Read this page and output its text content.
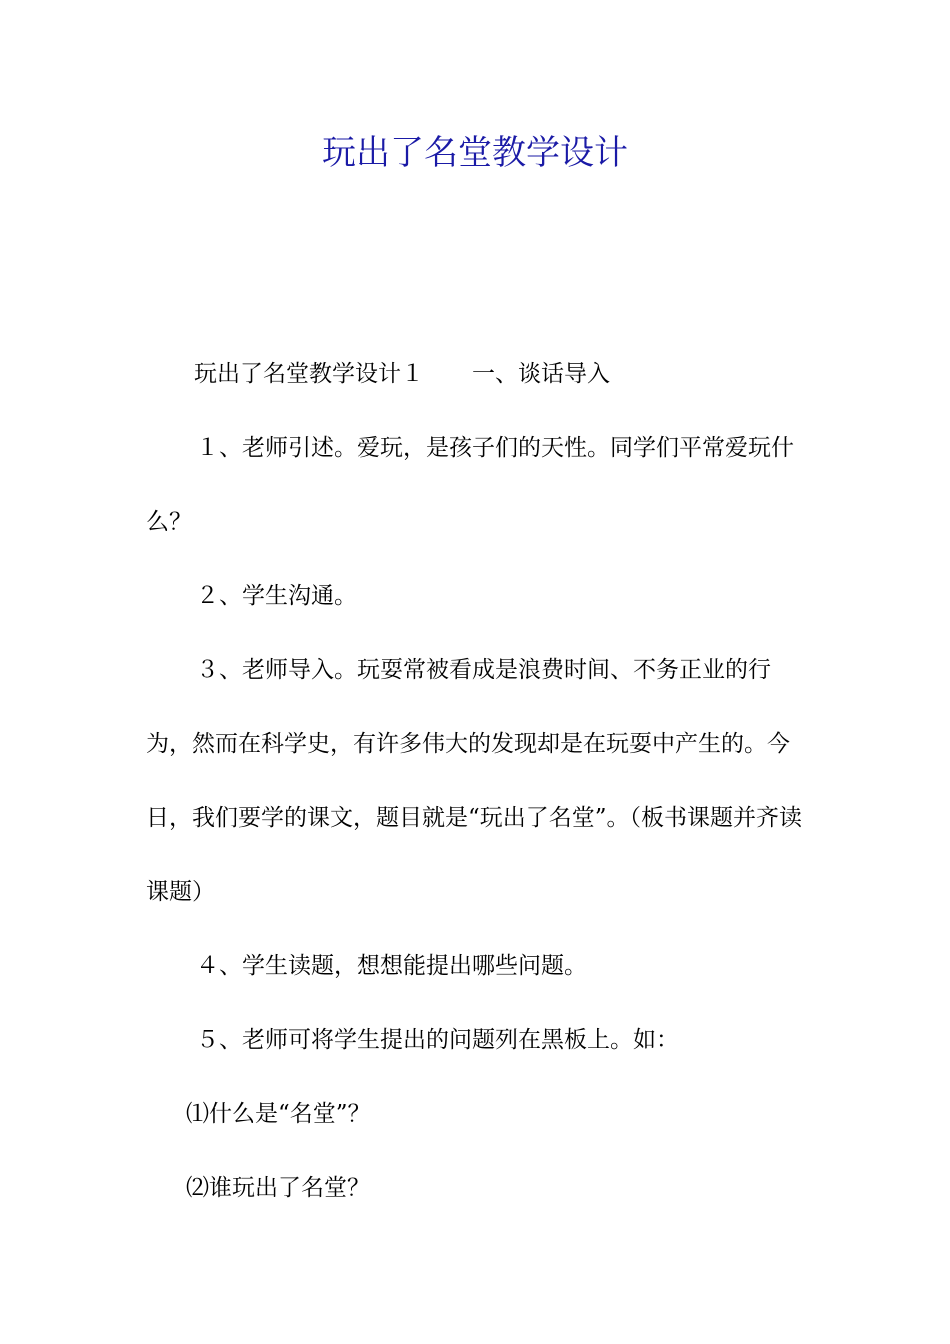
玩出了名堂教学设计

玩出了名堂教学设计１ 一、谈话导入

１、老师引述。爱玩，是孩子们的天性。同学们平常爱玩什么？

２、学生沟通。

３、老师导入。玩耍常被看成是浪费时间、不务正业的行为，然而在科学史，有许多伟大的发现却是在玩耍中产生的。今日，我们要学的课文，题目就是“玩出了名堂”。（板书课题并齐读课题）

４、学生读题，想想能提出哪些问题。

５、老师可将学生提出的问题列在黑板上。如：

⑴什么是“名堂”？

⑵谁玩出了名堂？
